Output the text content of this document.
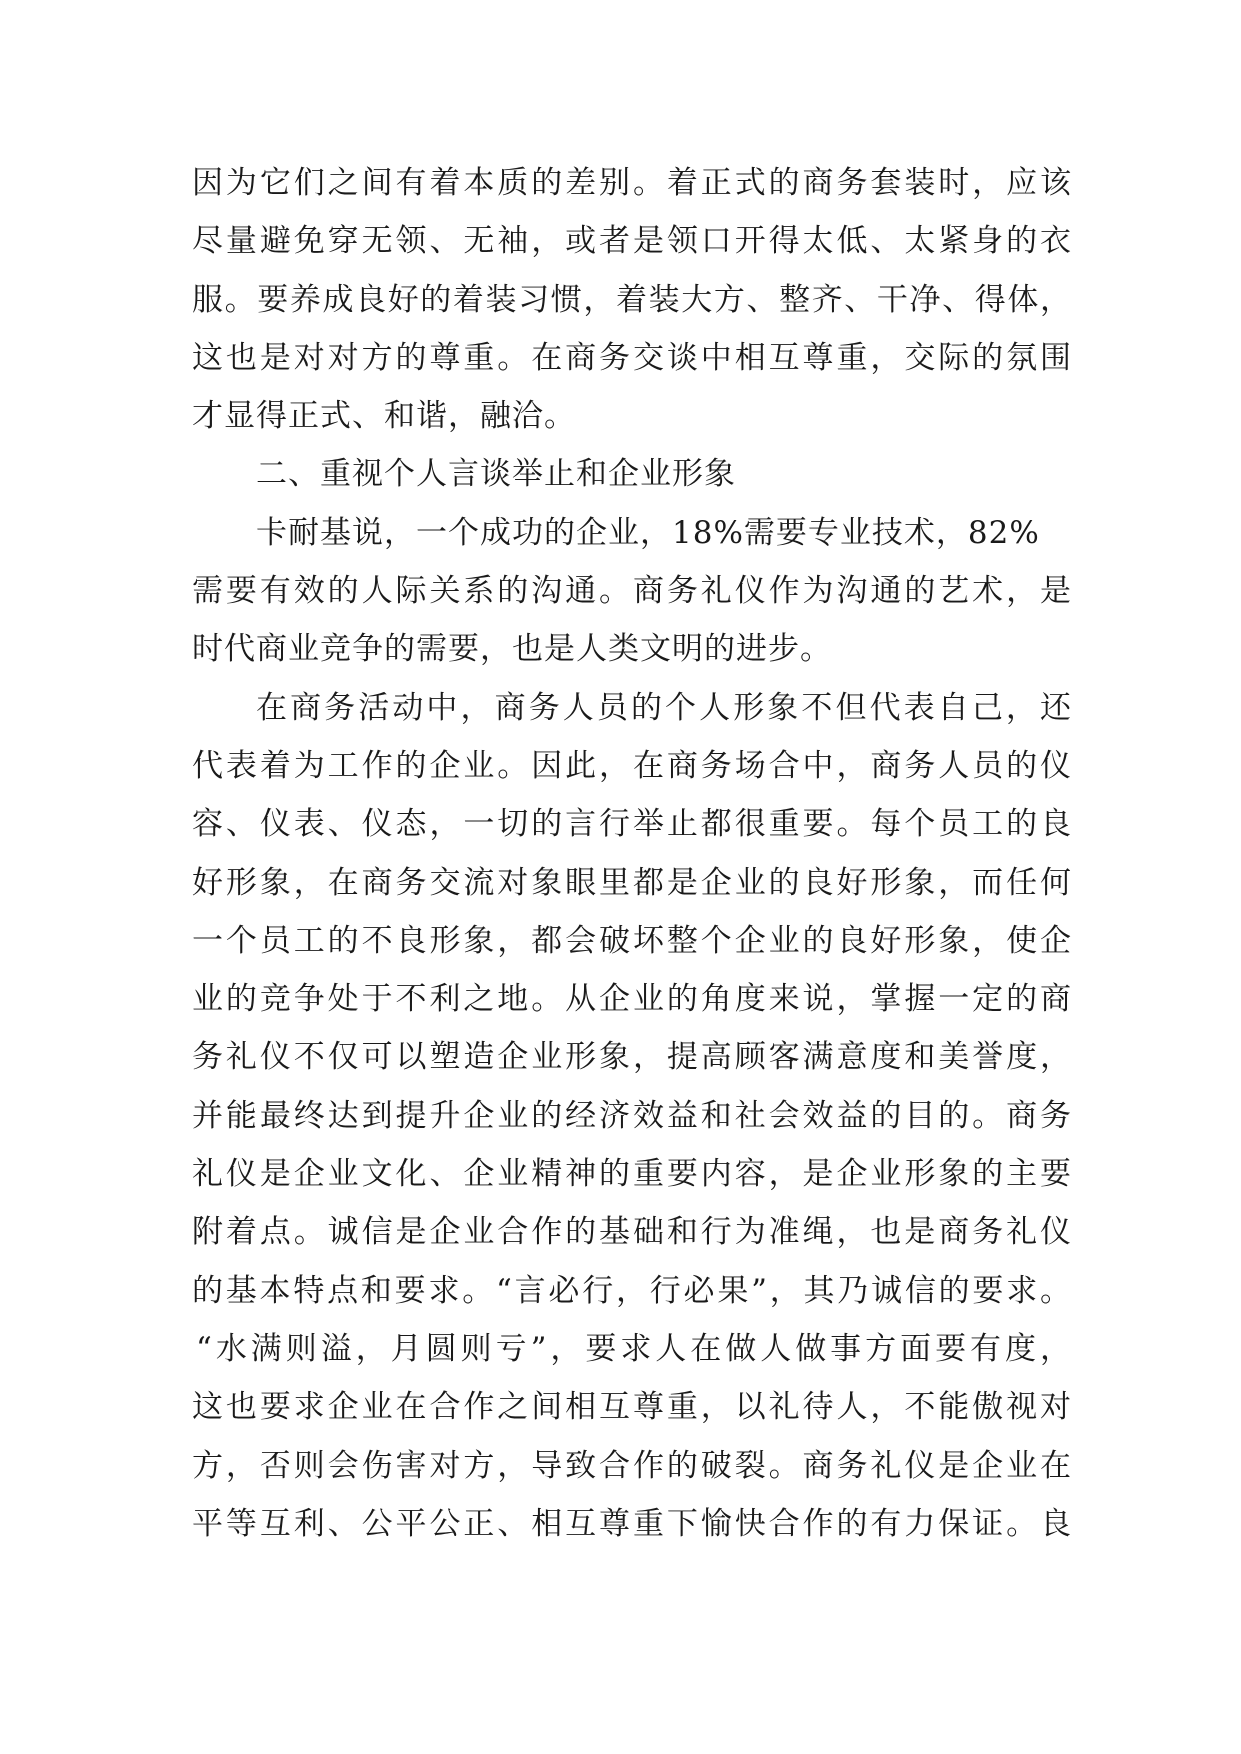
因为它们之间有着本质的差别。着正式的商务套装时，应该
尽量避免穿无领、无袖，或者是领口开得太低、太紧身的衣
服。要养成良好的着装习惯，着装大方、整齐、干净、得体，
这也是对对方的尊重。在商务交谈中相互尊重，交际的氛围
才显得正式、和谐，融洽。
二、重视个人言谈举止和企业形象
卡耐基说，一个成功的企业，18%需要专业技术，82%
需要有效的人际关系的沟通。商务礼仪作为沟通的艺术，是
时代商业竞争的需要，也是人类文明的进步。
在商务活动中，商务人员的个人形象不但代表自己，还
代表着为工作的企业。因此，在商务场合中，商务人员的仪
容、仪表、仪态，一切的言行举止都很重要。每个员工的良
好形象，在商务交流对象眼里都是企业的良好形象，而任何
一个员工的不良形象，都会破坏整个企业的良好形象，使企
业的竞争处于不利之地。从企业的角度来说，掌握一定的商
务礼仪不仅可以塑造企业形象，提高顾客满意度和美誉度，
并能最终达到提升企业的经济效益和社会效益的目的。商务
礼仪是企业文化、企业精神的重要内容，是企业形象的主要
附着点。诚信是企业合作的基础和行为准绳，也是商务礼仪
的基本特点和要求。“言必行，行必果”，其乃诚信的要求。
“水满则溢，月圆则亏”，要求人在做人做事方面要有度，
这也要求企业在合作之间相互尊重，以礼待人，不能傲视对
方，否则会伤害对方，导致合作的破裂。商务礼仪是企业在
平等互利、公平公正、相互尊重下愉快合作的有力保证。良
